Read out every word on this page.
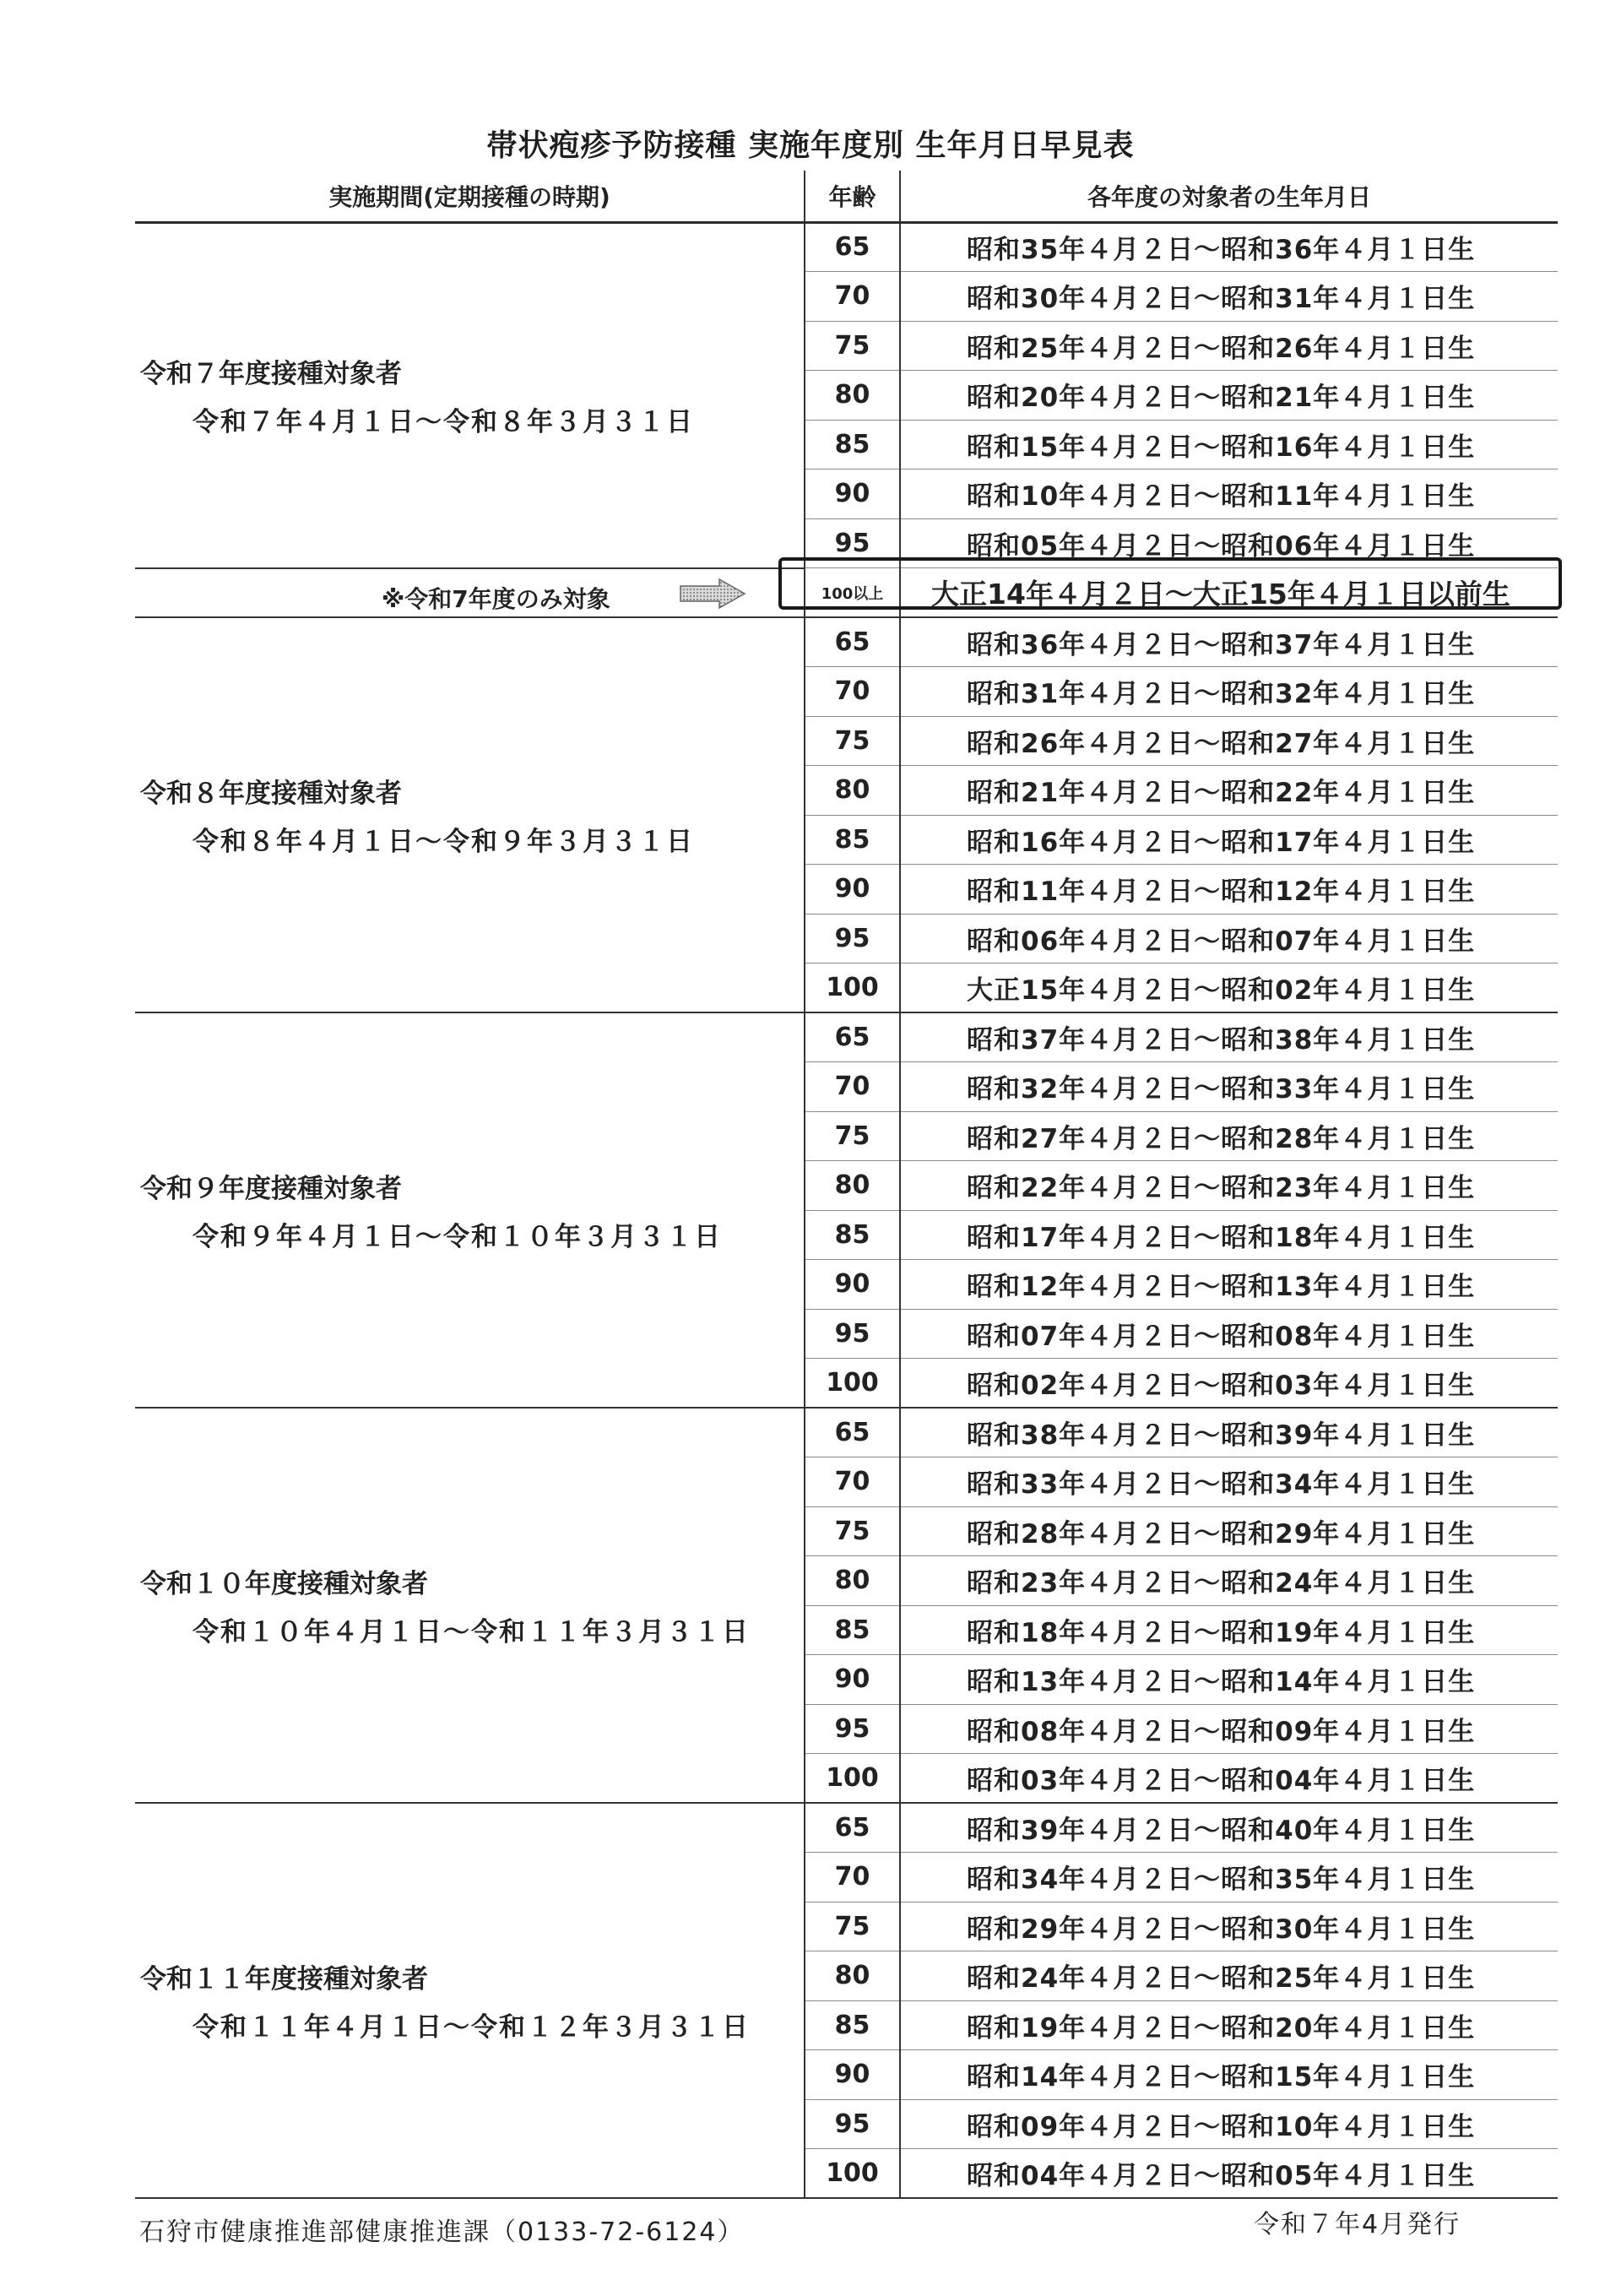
帯状疱疹予防接種 実施年度別 生年月日早見表
実施期間(定期接種の時期)	年齢	各年度の対象者の生年月日

令和７年度接種対象者
令和７年４月１日～令和８年３月３１日	65	昭和35年４月２日～昭和36年４月１日生
	70	昭和30年４月２日～昭和31年４月１日生
	75	昭和25年４月２日～昭和26年４月１日生
	80	昭和20年４月２日～昭和21年４月１日生
	85	昭和15年４月２日～昭和16年４月１日生
	90	昭和10年４月２日～昭和11年４月１日生
	95	昭和05年４月２日～昭和06年４月１日生

※令和7年度のみ対象	100以上	大正14年４月２日～大正15年４月１日以前生

令和８年度接種対象者
令和８年４月１日～令和９年３月３１日	65	昭和36年４月２日～昭和37年４月１日生
	70	昭和31年４月２日～昭和32年４月１日生
	75	昭和26年４月２日～昭和27年４月１日生
	80	昭和21年４月２日～昭和22年４月１日生
	85	昭和16年４月２日～昭和17年４月１日生
	90	昭和11年４月２日～昭和12年４月１日生
	95	昭和06年４月２日～昭和07年４月１日生
	100	大正15年４月２日～昭和02年４月１日生

令和９年度接種対象者
令和９年４月１日～令和１０年３月３１日	65	昭和37年４月２日～昭和38年４月１日生
	70	昭和32年４月２日～昭和33年４月１日生
	75	昭和27年４月２日～昭和28年４月１日生
	80	昭和22年４月２日～昭和23年４月１日生
	85	昭和17年４月２日～昭和18年４月１日生
	90	昭和12年４月２日～昭和13年４月１日生
	95	昭和07年４月２日～昭和08年４月１日生
	100	昭和02年４月２日～昭和03年４月１日生

令和１０年度接種対象者
令和１０年４月１日～令和１１年３月３１日	65	昭和38年４月２日～昭和39年４月１日生
	70	昭和33年４月２日～昭和34年４月１日生
	75	昭和28年４月２日～昭和29年４月１日生
	80	昭和23年４月２日～昭和24年４月１日生
	85	昭和18年４月２日～昭和19年４月１日生
	90	昭和13年４月２日～昭和14年４月１日生
	95	昭和08年４月２日～昭和09年４月１日生
	100	昭和03年４月２日～昭和04年４月１日生

令和１１年度接種対象者
令和１１年４月１日～令和１２年３月３１日	65	昭和39年４月２日～昭和40年４月１日生
	70	昭和34年４月２日～昭和35年４月１日生
	75	昭和29年４月２日～昭和30年４月１日生
	80	昭和24年４月２日～昭和25年４月１日生
	85	昭和19年４月２日～昭和20年４月１日生
	90	昭和14年４月２日～昭和15年４月１日生
	95	昭和09年４月２日～昭和10年４月１日生
	100	昭和04年４月２日～昭和05年４月１日生
石狩市健康推進部健康推進課（0133-72-6124）	令和７年4月発行
